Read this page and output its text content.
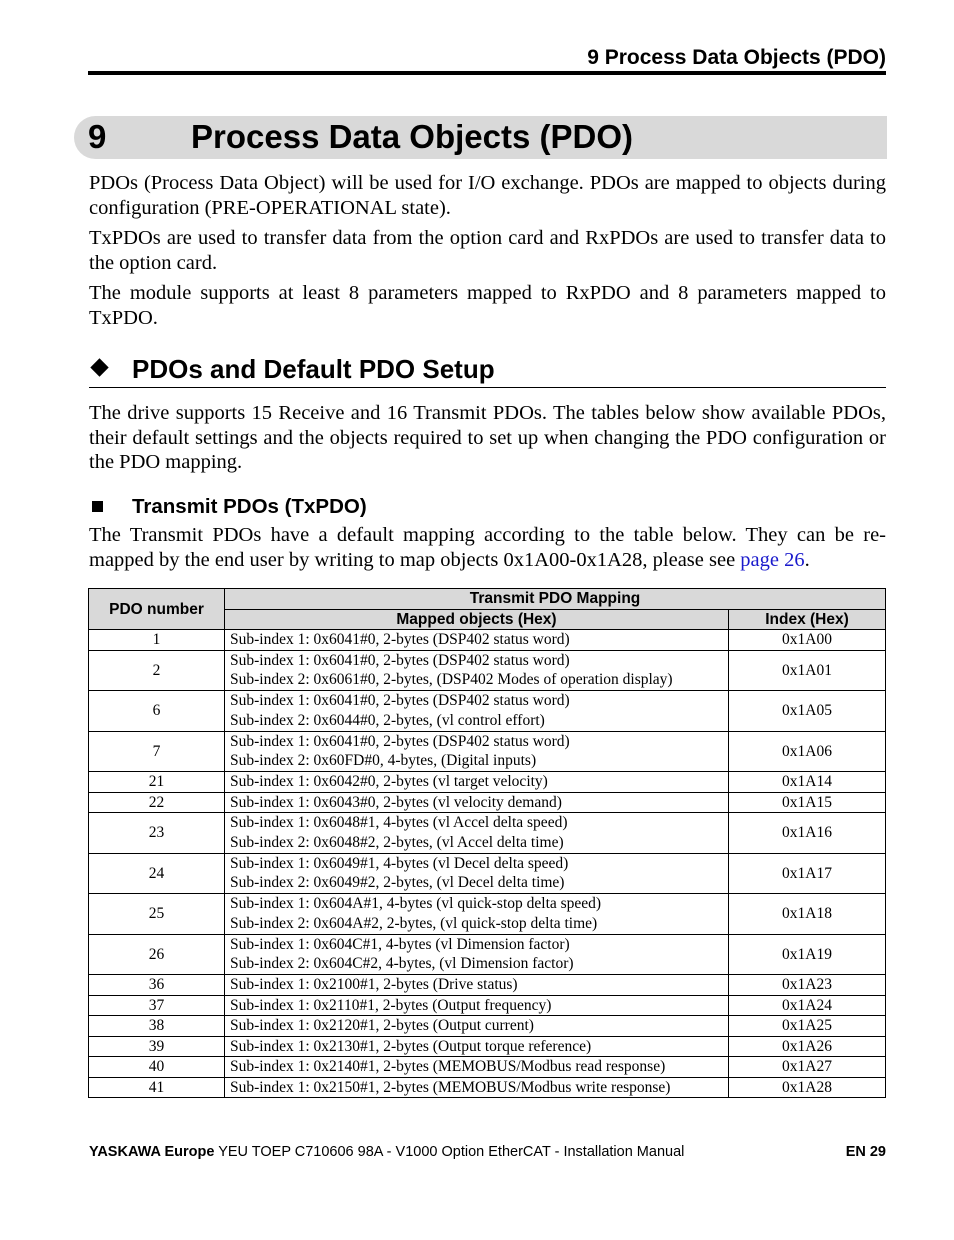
9 Process Data Objects (PDO)
9	Process Data Objects (PDO)

PDOs (Process Data Object) will be used for I/O exchange. PDOs are mapped to objects during configuration (PRE-OPERATIONAL state).

TxPDOs are used to transfer data from the option card and RxPDOs are used to transfer data to the option card.

The module supports at least 8 parameters mapped to RxPDO and 8 parameters mapped to TxPDO.

PDOs and Default PDO Setup

The drive supports 15 Receive and 16 Transmit PDOs. The tables below show available PDOs, their default settings and the objects required to set up when changing the PDO configuration or the PDO mapping.

Transmit PDOs (TxPDO)

The Transmit PDOs have a default mapping according to the table below. They can be re-mapped by the end user by writing to map objects 0x1A00-0x1A28, please see page 26.

PDO number	Transmit PDO Mapping	
	Mapped objects (Hex)	Index (Hex)
1	Sub-index 1: 0x6041#0, 2-bytes (DSP402 status word)	0x1A00
2	Sub-index 1: 0x6041#0, 2-bytes (DSP402 status word)
Sub-index 2: 0x6061#0, 2-bytes, (DSP402 Modes of operation display)	0x1A01
6	Sub-index 1: 0x6041#0, 2-bytes (DSP402 status word)
Sub-index 2: 0x6044#0, 2-bytes, (vl control effort)	0x1A05
7	Sub-index 1: 0x6041#0, 2-bytes (DSP402 status word)
Sub-index 2: 0x60FD#0, 4-bytes, (Digital inputs)	0x1A06
21	Sub-index 1: 0x6042#0, 2-bytes (vl target velocity)	0x1A14
22	Sub-index 1: 0x6043#0, 2-bytes (vl velocity demand)	0x1A15
23	Sub-index 1: 0x6048#1, 4-bytes (vl Accel delta speed)
Sub-index 2: 0x6048#2, 2-bytes, (vl Accel delta time)	0x1A16
24	Sub-index 1: 0x6049#1, 4-bytes (vl Decel delta speed)
Sub-index 2: 0x6049#2, 2-bytes, (vl Decel delta time)	0x1A17
25	Sub-index 1: 0x604A#1, 4-bytes (vl quick-stop delta speed)
Sub-index 2: 0x604A#2, 2-bytes, (vl quick-stop delta time)	0x1A18
26	Sub-index 1: 0x604C#1, 4-bytes (vl Dimension factor)
Sub-index 2: 0x604C#2, 4-bytes, (vl Dimension factor)	0x1A19
36	Sub-index 1: 0x2100#1, 2-bytes (Drive status)	0x1A23
37	Sub-index 1: 0x2110#1, 2-bytes (Output frequency)	0x1A24
38	Sub-index 1: 0x2120#1, 2-bytes (Output current)	0x1A25
39	Sub-index 1: 0x2130#1, 2-bytes (Output torque reference)	0x1A26
40	Sub-index 1: 0x2140#1, 2-bytes (MEMOBUS/Modbus read response)	0x1A27
41	Sub-index 1: 0x2150#1, 2-bytes (MEMOBUS/Modbus write response)	0x1A28
YASKAWA Europe YEU TOEP C710606 98A - V1000 Option EtherCAT - Installation Manual	EN 29
